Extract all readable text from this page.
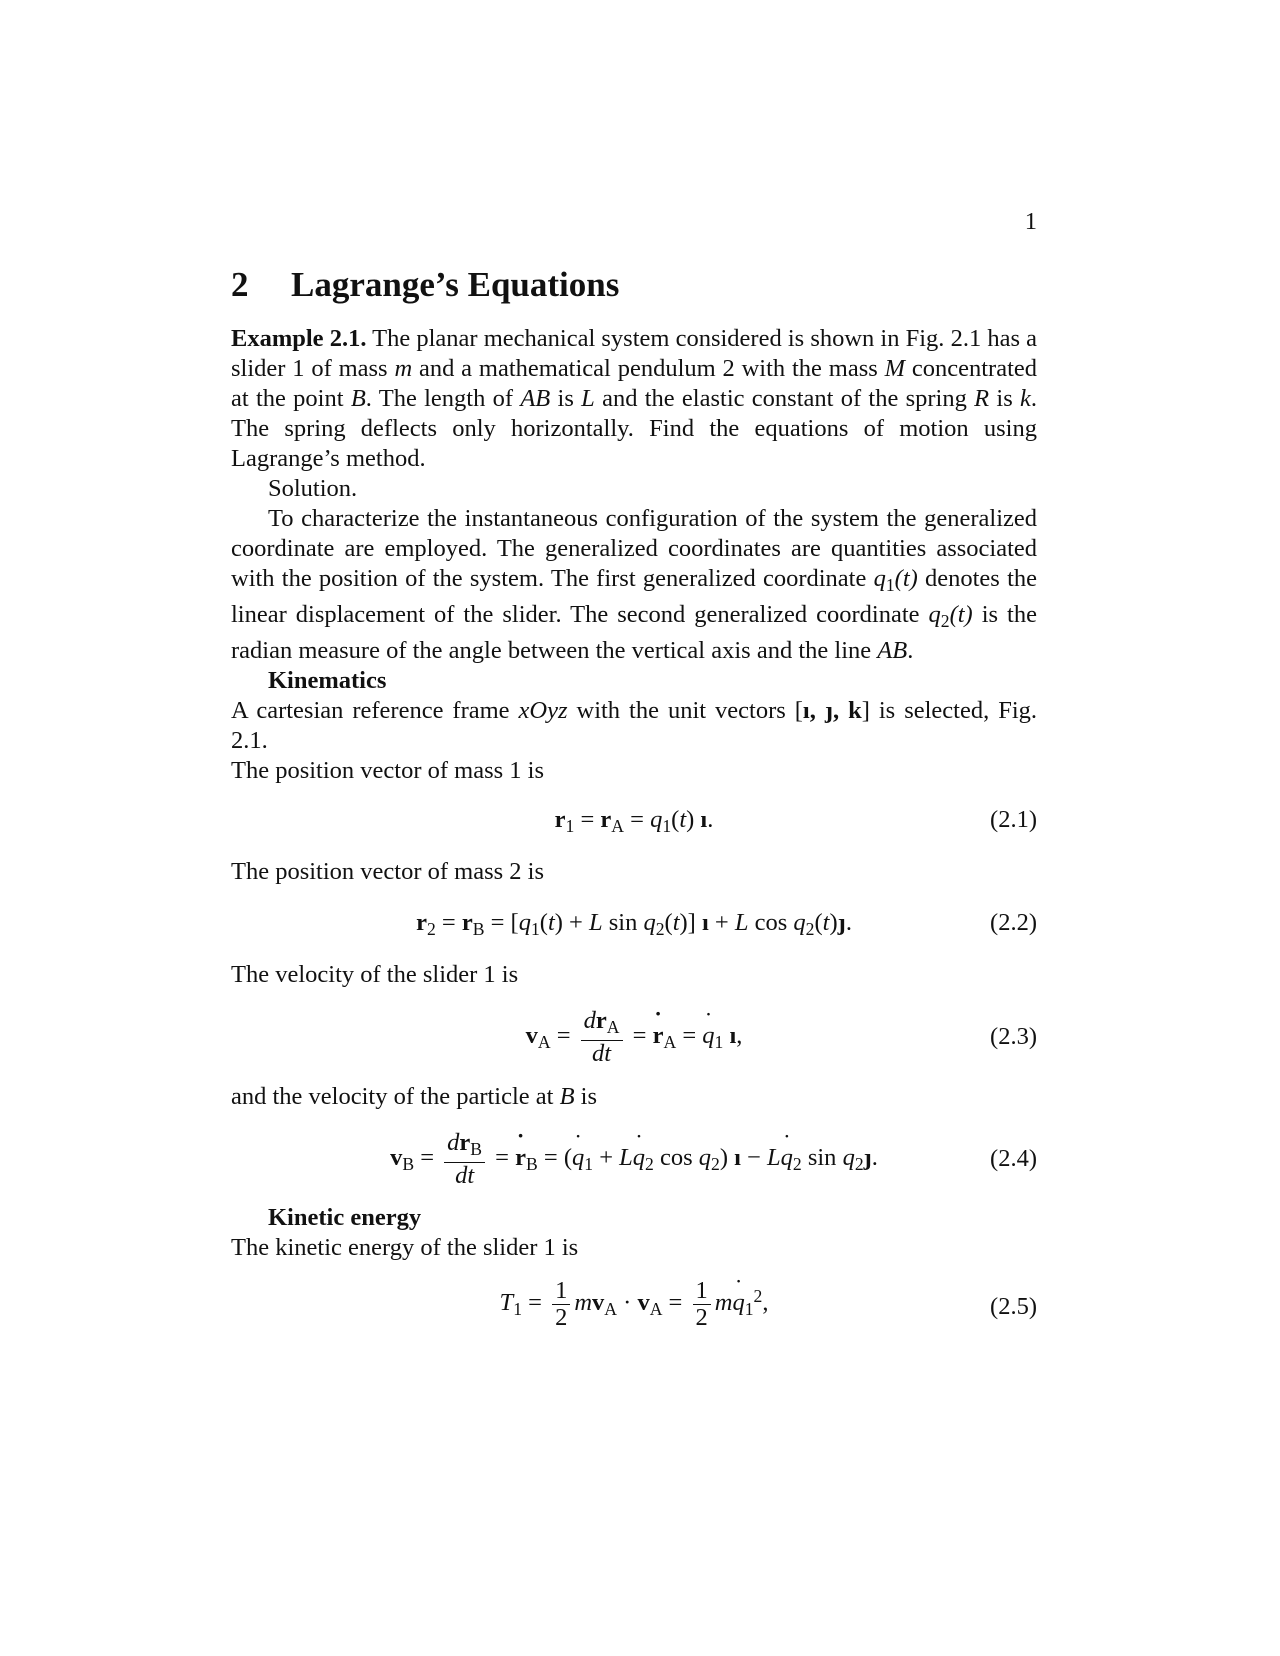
1
2 Lagrange’s Equations

Example 2.1. The planar mechanical system considered is shown in Fig. 2.1 has a slider 1 of mass m and a mathematical pendulum 2 with the mass M concentrated at the point B. The length of AB is L and the elastic constant of the spring R is k. The spring deflects only horizontally. Find the equations of motion using Lagrange’s method.

Solution.

To characterize the instantaneous configuration of the system the generalized coordinate are employed. The generalized coordinates are quantities associated with the position of the system. The first generalized coordinate $q_1(t)$ denotes the linear displacement of the slider. The second generalized coordinate $q_2(t)$ is the radian measure of the angle between the vertical axis and the line AB.

Kinematics

A cartesian reference frame xOyz with the unit vectors [ı, ȷ, k] is selected, Fig. 2.1.

The position vector of mass 1 is

$r_1 = r_A = q_1(t)$ ı.	(2.1)
The position vector of mass 2 is
$r_2 = r_B = [q_1(t) + L$ $\sin q_2(t)$] ı + L $\cos q_2(t)ȷ$.	(2.2)
The velocity of the slider 1 is
$v_A = \frac{dr_A}{dt} = r$ $˙_A = q$ $˙_1$ ı,	(2.3)
and the velocity of the particle at B is
$v_B = \frac{dr_B}{dt} = r$ $˙_B = (q$ $˙_1 + Lq$ $˙_2$ $\cos q_2$) ı − Lq $˙_2$ $\sin q_2ȷ$.	(2.4)

Kinetic energy

The kinetic energy of the slider 1 is

$T_1 = \frac{1}{2} mv_A \cdot v_A = \frac{1}{2}$ mq $˙_1^2$,	(2.5)
